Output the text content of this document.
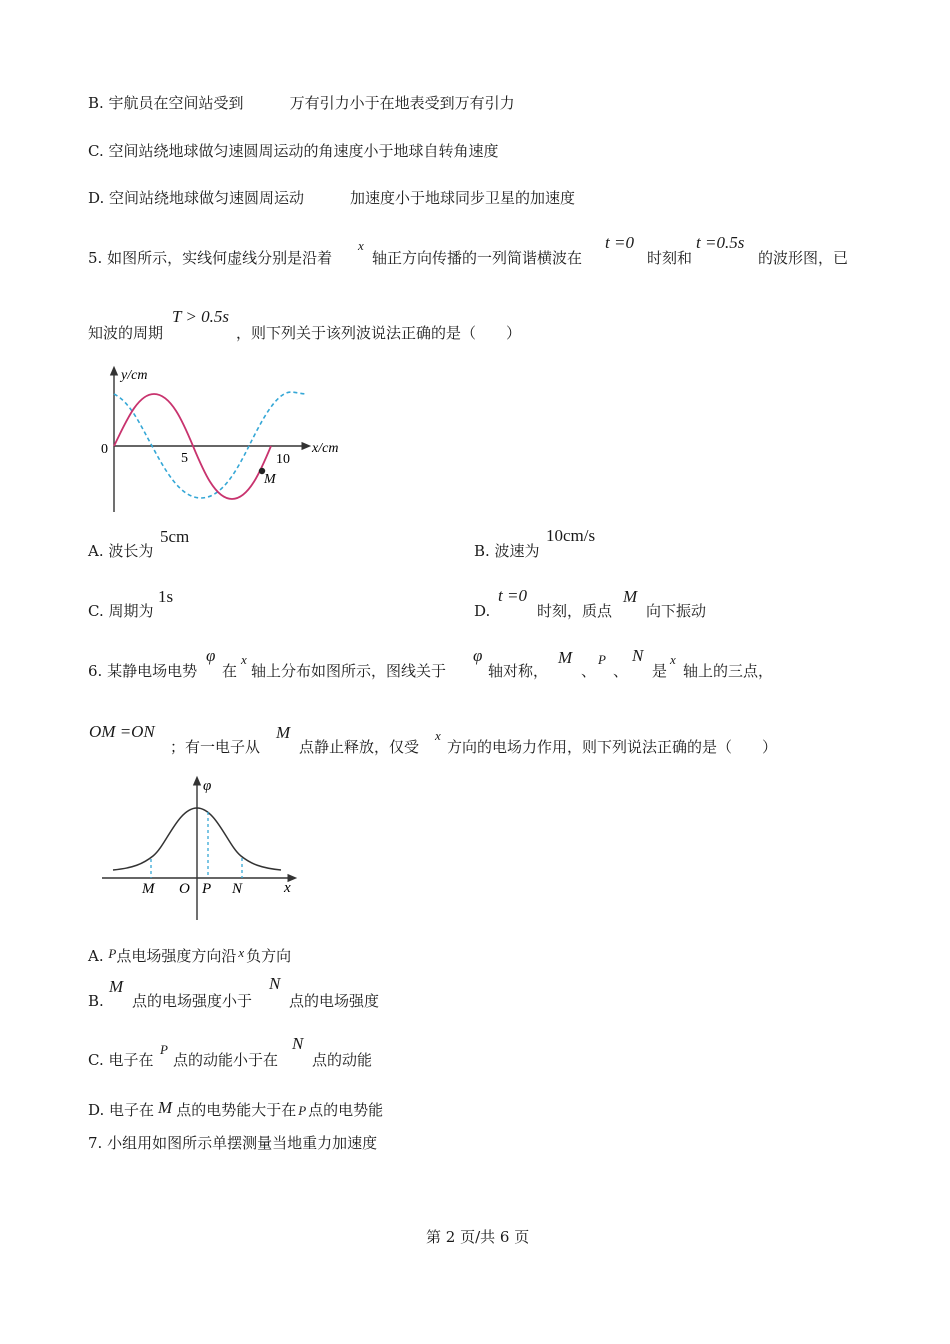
B. 宇航员在空间站受到	万有引力小于在地表受到万有引力
C. 空间站绕地球做匀速圆周运动的角速度小于地球自转角速度
D. 空间站绕地球做匀速圆周运动	加速度小于地球同步卫星的加速度
5. 如图所示，实线何虚线分别是沿着
x
轴正方向传播的一列简谐横波在
t =0
时刻和
t =0.5s
的波形图，已
知波的周期
T > 0.5s
，则下列关于该列波说法正确的是（　　）
y/cm
x/cm
0
5	10
M
A. 波长为
5cm
B. 波速为
10cm/s
C. 周期为
1s
D.
t =0
时刻，质点
M
向下振动
6. 某静电场电势
φ
在
x
轴上分布如图所示，图线关于
φ
轴对称，
M
、
P
、
N
是
x
轴上的三点，
OM =ON
；有一电子从
M
点静止释放，仅受
x
方向的电场力作用，则下列说法正确的是（　　）
φ
M O P N	x
A. P点电场强度方向沿 x 负方向
B.
M
点的电场强度小于
N
点的电场强度
C. 电子在
P
点的动能小于在
N
点的动能
D. 电子在 M 点的电势能大于在 P 点的电势能
7. 小组用如图所示单摆测量当地重力加速度
第 2 页/共 6 页
